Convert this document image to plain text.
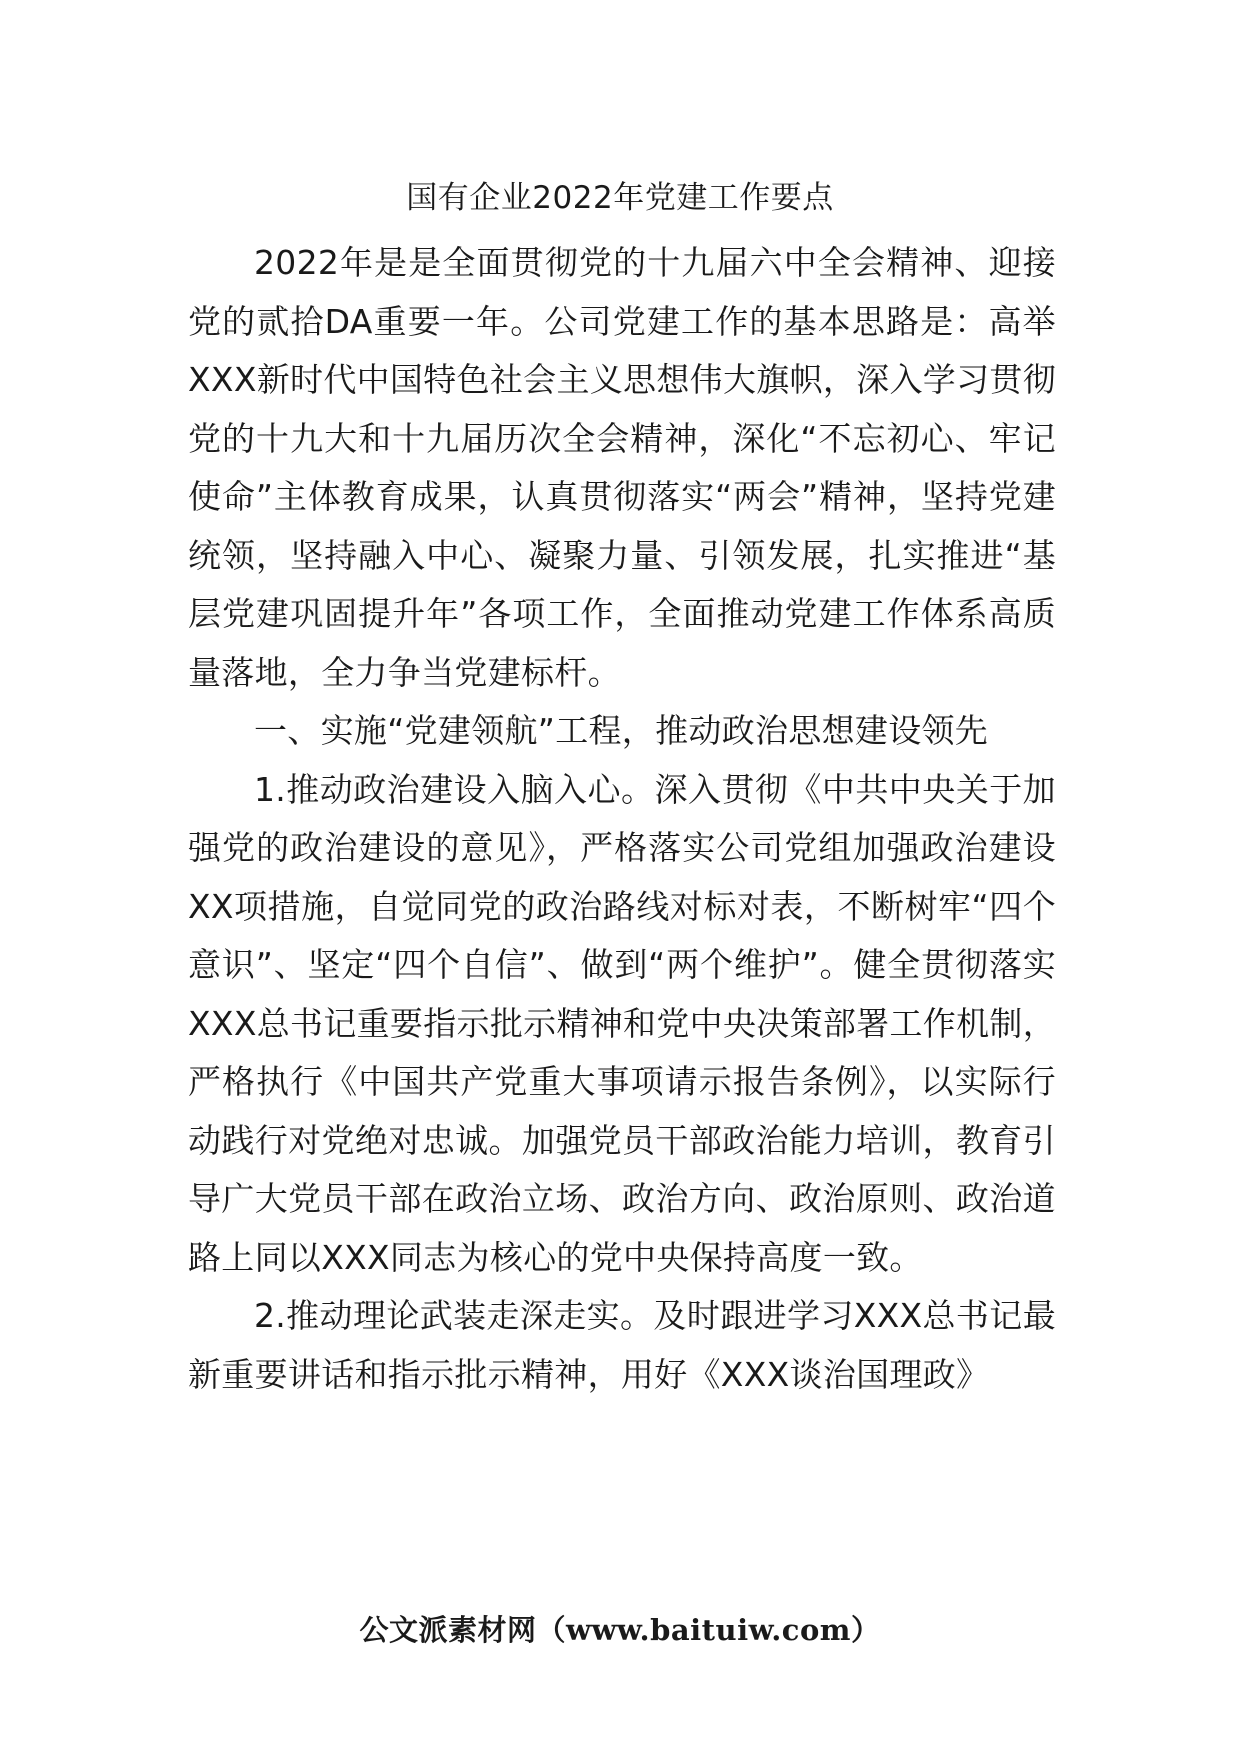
国有企业2022年党建工作要点

2022年是是全面贯彻党的十九届六中全会精神、迎接党的贰拾DA重要一年。公司党建工作的基本思路是：高举XXX新时代中国特色社会主义思想伟大旗帜，深入学习贯彻党的十九大和十九届历次全会精神，深化“不忘初心、牢记使命”主体教育成果，认真贯彻落实“两会”精神，坚持党建统领，坚持融入中心、凝聚力量、引领发展，扎实推进“基层党建巩固提升年”各项工作，全面推动党建工作体系高质量落地，全力争当党建标杆。

一、实施“党建领航”工程，推动政治思想建设领先

1.推动政治建设入脑入心。深入贯彻《中共中央关于加强党的政治建设的意见》，严格落实公司党组加强政治建设XX项措施，自觉同党的政治路线对标对表，不断树牢“四个意识”、坚定“四个自信”、做到“两个维护”。健全贯彻落实XXX总书记重要指示批示精神和党中央决策部署工作机制，严格执行《中国共产党重大事项请示报告条例》，以实际行动践行对党绝对忠诚。加强党员干部政治能力培训，教育引导广大党员干部在政治立场、政治方向、政治原则、政治道路上同以XXX同志为核心的党中央保持高度一致。

2.推动理论武装走深走实。及时跟进学习XXX总书记最新重要讲话和指示批示精神，用好《XXX谈治国理政》

公文派素材网（www.baituiw.com）
